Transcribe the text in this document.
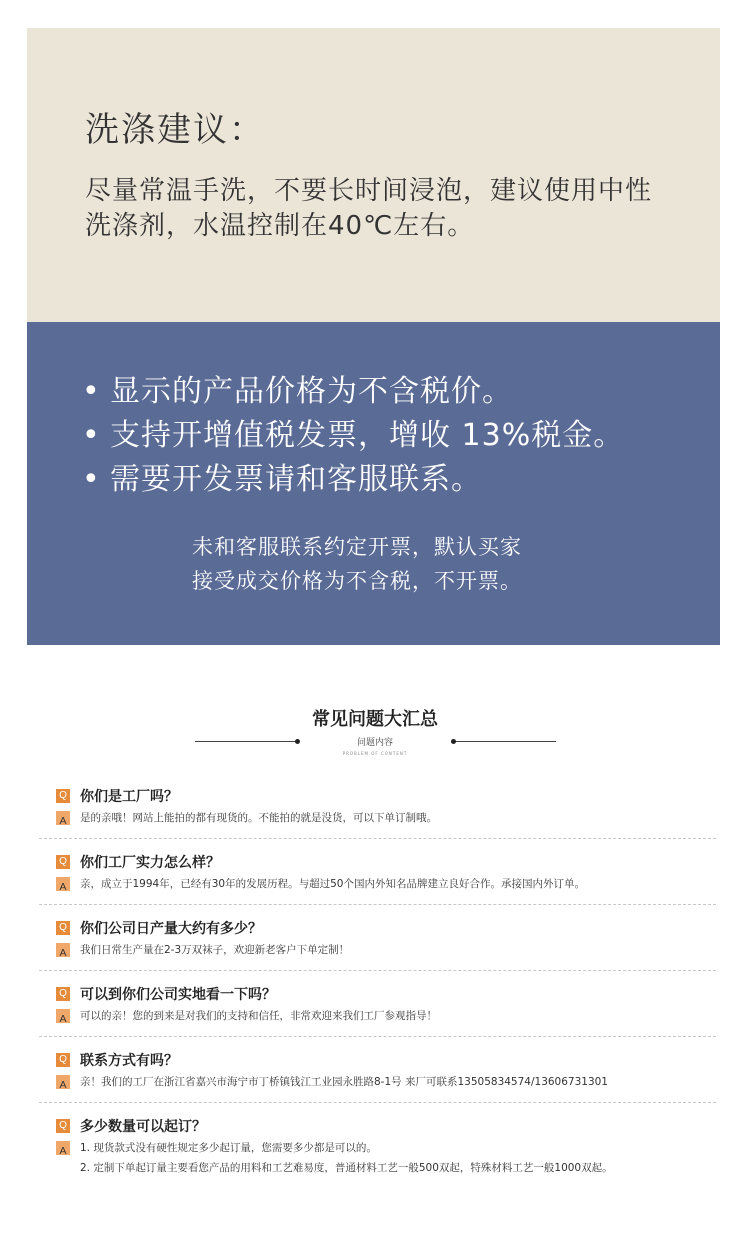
洗涤建议：

尽量常温手洗，不要长时间浸泡，建议使用中性洗涤剂，水温控制在40℃左右。

• 显示的产品价格为不含税价。
• 支持开增值税发票，增收 13%税金。
• 需要开发票请和客服联系。
未和客服联系约定开票，默认买家
接受成交价格为不含税，不开票。
常见问题大汇总
问题内容
PROBLEM OF CONTENT
Q 你们是工厂吗？
A	是的亲哦！网站上能拍的都有现货的。不能拍的就是没货，可以下单订制哦。
Q 你们工厂实力怎么样？
A	亲，成立于1994年，已经有30年的发展历程。与超过50个国内外知名品牌建立良好合作。承接国内外订单。
Q 你们公司日产量大约有多少？
A	我们日常生产量在2-3万双袜子，欢迎新老客户下单定制！
Q 可以到你们公司实地看一下吗？
A	可以的亲！您的到来是对我们的支持和信任，非常欢迎来我们工厂参观指导！
Q 联系方式有吗？
A	亲！我们的工厂在浙江省嘉兴市海宁市丁桥镇钱江工业园永胜路8-1号 来厂可联系13505834574/13606731301
Q 多少数量可以起订？
A	1. 现货款式没有硬性规定多少起订量，您需要多少都是可以的。
2. 定制下单起订量主要看您产品的用料和工艺难易度，普通材料工艺一般500双起，特殊材料工艺一般1000双起。
